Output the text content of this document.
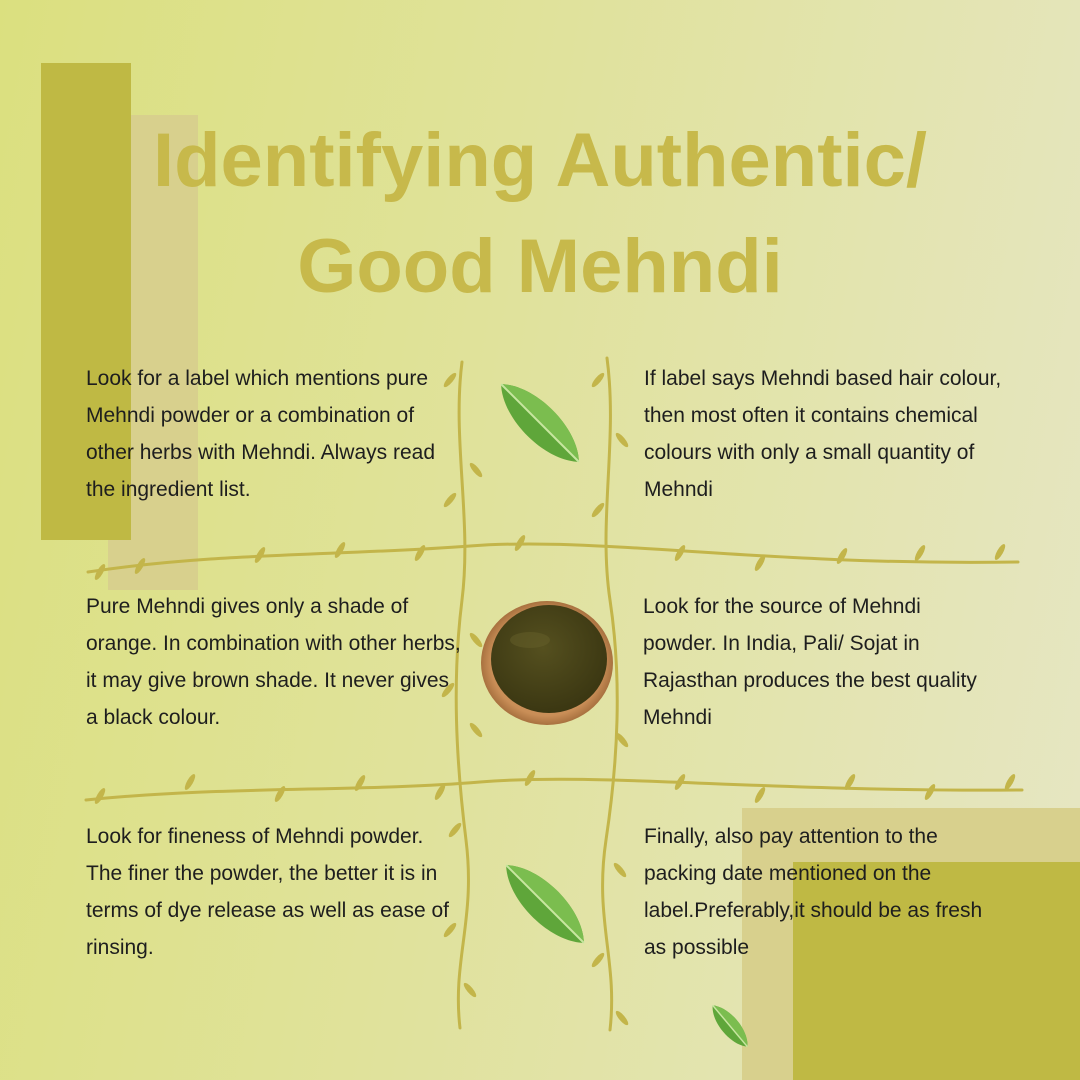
Identifying Authentic/
Good Mehndi

Look for a label which mentions pure Mehndi powder or a combination of other herbs with Mehndi. Always read the ingredient list.

If label says Mehndi based hair colour, then most often it contains chemical colours with only a small quantity of Mehndi

Pure Mehndi gives only a shade of orange. In combination with other herbs, it may give brown shade. It never gives a black colour.

Look for the source of Mehndi powder. In India, Pali/ Sojat in Rajasthan produces the best quality Mehndi

Look for fineness of Mehndi powder. The finer the powder, the better it is in terms of dye release as well as ease of rinsing.

Finally, also pay attention to the packing date mentioned on the label.Preferably,it should be as fresh as possible
